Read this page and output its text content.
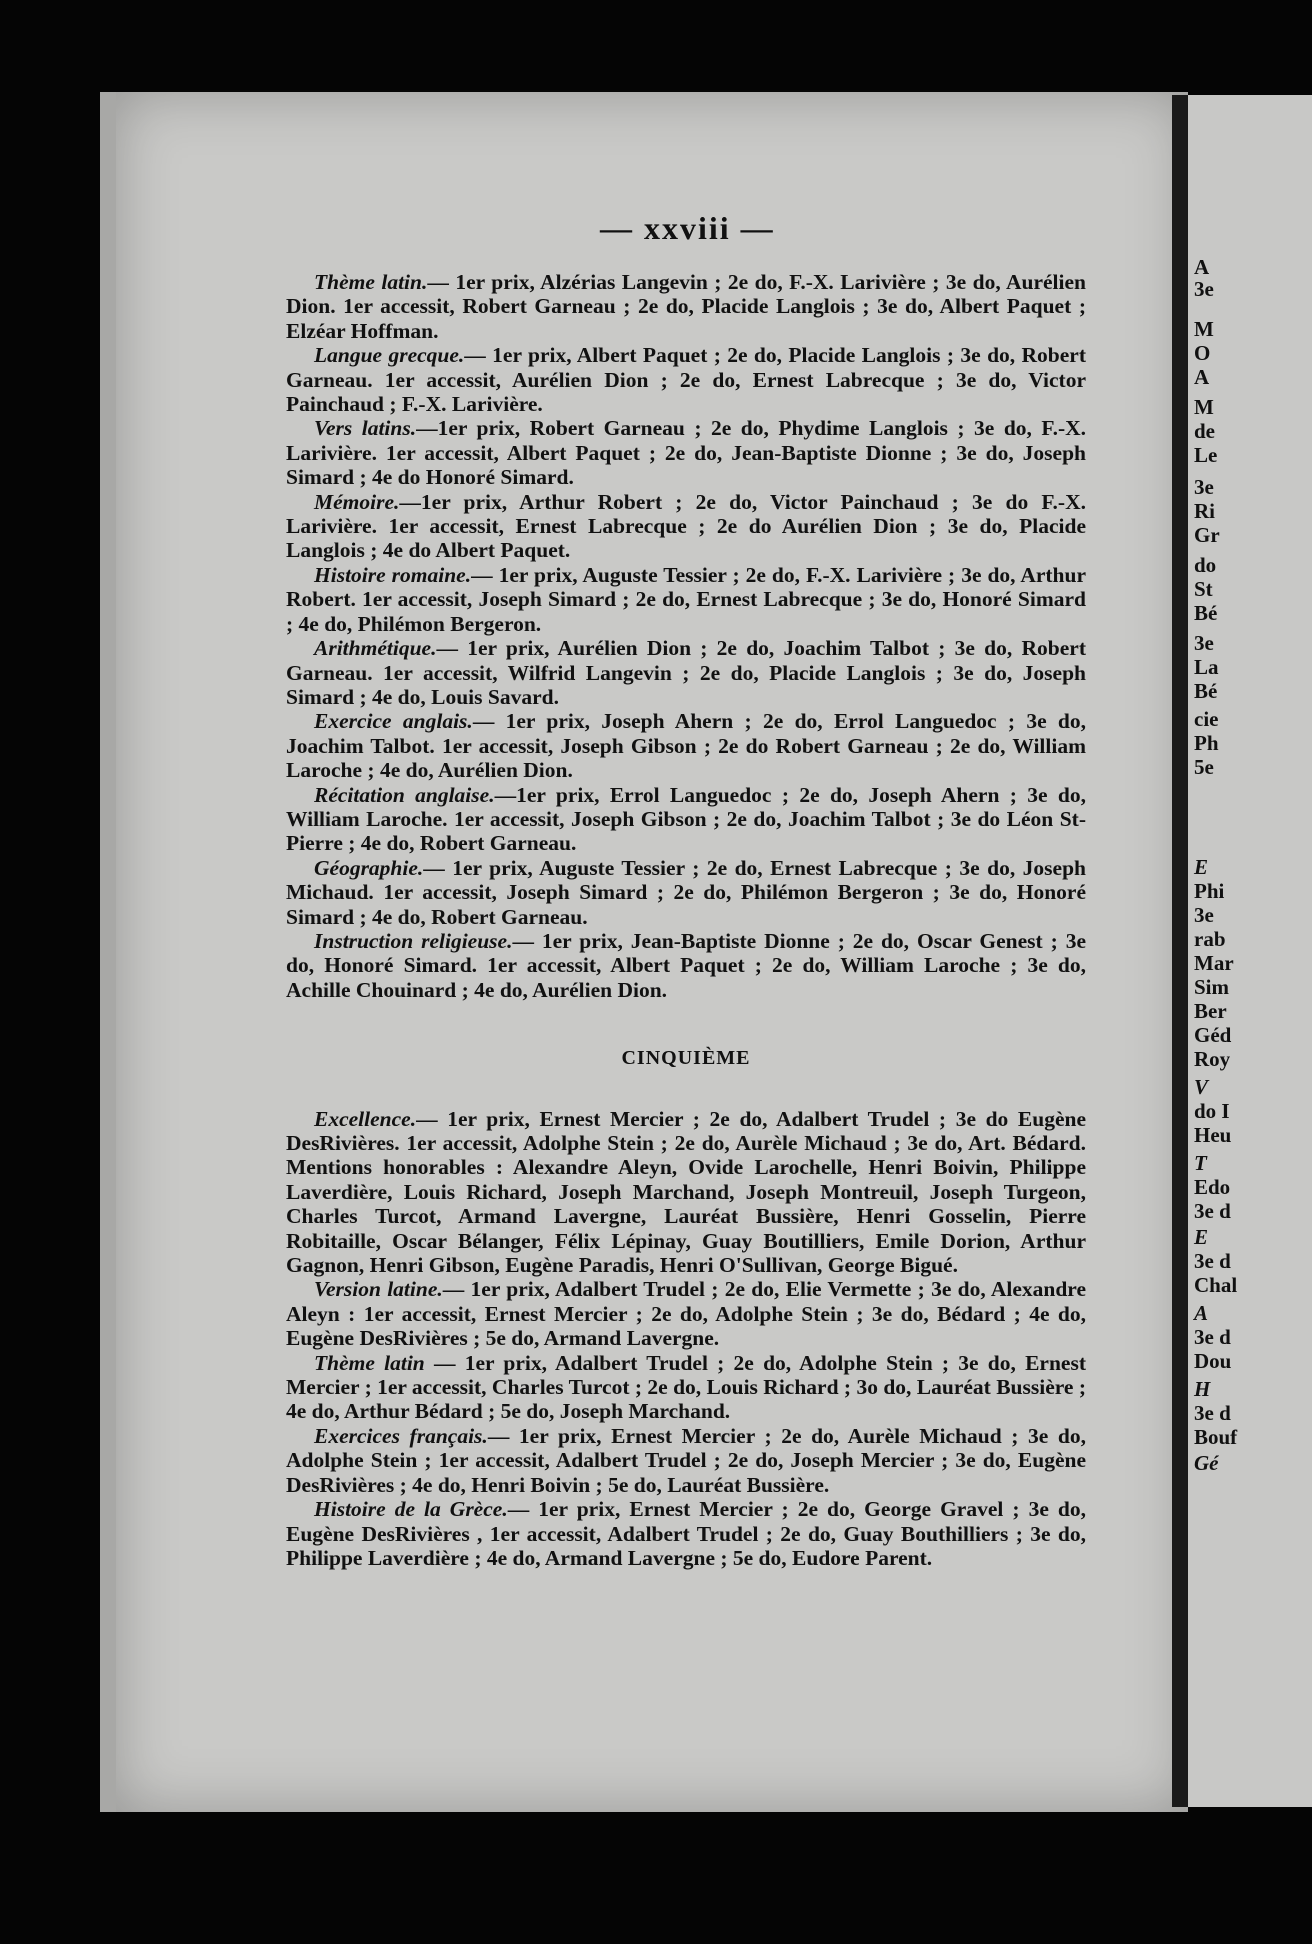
A
3e
M
O
A
M
de
Le
3e
Ri
Gr
do
St
Bé
3e
La
Bé
cie
Ph
5e
E
Phi
3e
rab
Mar
Sim
Ber
Géd
Roy
V
do I
Heu
T
Edo
3e d
E
3e d
Chal
A
3e d
Dou
H
3e d
Bouf
Gé
— xxviii —

Thème latin.— 1er prix, Alzérias Langevin ; 2e do, F.-X. Larivière ; 3e do, Aurélien Dion. 1er accessit, Robert Garneau ; 2e do, Placide Langlois ; 3e do, Albert Paquet ; Elzéar Hoffman.

Langue grecque.— 1er prix, Albert Paquet ; 2e do, Placide Langlois ; 3e do, Robert Garneau. 1er accessit, Aurélien Dion ; 2e do, Ernest Labrecque ; 3e do, Victor Painchaud ; F.-X. Larivière.

Vers latins.—1er prix, Robert Garneau ; 2e do, Phydime Langlois ; 3e do, F.-X. Larivière. 1er accessit, Albert Paquet ; 2e do, Jean-Baptiste Dionne ; 3e do, Joseph Simard ; 4e do Honoré Simard.

Mémoire.—1er prix, Arthur Robert ; 2e do, Victor Painchaud ; 3e do F.-X. Larivière. 1er accessit, Ernest Labrecque ; 2e do Aurélien Dion ; 3e do, Placide Langlois ; 4e do Albert Paquet.

Histoire romaine.— 1er prix, Auguste Tessier ; 2e do, F.-X. Larivière ; 3e do, Arthur Robert. 1er accessit, Joseph Simard ; 2e do, Ernest Labrecque ; 3e do, Honoré Simard ; 4e do, Philémon Bergeron.

Arithmétique.— 1er prix, Aurélien Dion ; 2e do, Joachim Talbot ; 3e do, Robert Garneau. 1er accessit, Wilfrid Langevin ; 2e do, Placide Langlois ; 3e do, Joseph Simard ; 4e do, Louis Savard.

Exercice anglais.— 1er prix, Joseph Ahern ; 2e do, Errol Languedoc ; 3e do, Joachim Talbot. 1er accessit, Joseph Gibson ; 2e do Robert Garneau ; 2e do, William Laroche ; 4e do, Aurélien Dion.

Récitation anglaise.—1er prix, Errol Languedoc ; 2e do, Joseph Ahern ; 3e do, William Laroche. 1er accessit, Joseph Gibson ; 2e do, Joachim Talbot ; 3e do Léon St-Pierre ; 4e do, Robert Garneau.

Géographie.— 1er prix, Auguste Tessier ; 2e do, Ernest Labrecque ; 3e do, Joseph Michaud. 1er accessit, Joseph Simard ; 2e do, Philémon Bergeron ; 3e do, Honoré Simard ; 4e do, Robert Garneau.

Instruction religieuse.— 1er prix, Jean-Baptiste Dionne ; 2e do, Oscar Genest ; 3e do, Honoré Simard. 1er accessit, Albert Paquet ; 2e do, William Laroche ; 3e do, Achille Chouinard ; 4e do, Aurélien Dion.

CINQUIÈME

Excellence.— 1er prix, Ernest Mercier ; 2e do, Adalbert Trudel ; 3e do Eugène DesRivières. 1er accessit, Adolphe Stein ; 2e do, Aurèle Michaud ; 3e do, Art. Bédard. Mentions honorables : Alexandre Aleyn, Ovide Larochelle, Henri Boivin, Philippe Laverdière, Louis Richard, Joseph Marchand, Joseph Montreuil, Joseph Turgeon, Charles Turcot, Armand Lavergne, Lauréat Bussière, Henri Gosselin, Pierre Robitaille, Oscar Bélanger, Félix Lépinay, Guay Boutilliers, Emile Dorion, Arthur Gagnon, Henri Gibson, Eugène Paradis, Henri O'Sullivan, George Bigué.

Version latine.— 1er prix, Adalbert Trudel ; 2e do, Elie Vermette ; 3e do, Alexandre Aleyn : 1er accessit, Ernest Mercier ; 2e do, Adolphe Stein ; 3e do, Bédard ; 4e do, Eugène DesRivières ; 5e do, Armand Lavergne.

Thème latin — 1er prix, Adalbert Trudel ; 2e do, Adolphe Stein ; 3e do, Ernest Mercier ; 1er accessit, Charles Turcot ; 2e do, Louis Richard ; 3o do, Lauréat Bussière ; 4e do, Arthur Bédard ; 5e do, Joseph Marchand.

Exercices français.— 1er prix, Ernest Mercier ; 2e do, Aurèle Michaud ; 3e do, Adolphe Stein ; 1er accessit, Adalbert Trudel ; 2e do, Joseph Mercier ; 3e do, Eugène DesRivières ; 4e do, Henri Boivin ; 5e do, Lauréat Bussière.

Histoire de la Grèce.— 1er prix, Ernest Mercier ; 2e do, George Gravel ; 3e do, Eugène DesRivières , 1er accessit, Adalbert Trudel ; 2e do, Guay Bouthilliers ; 3e do, Philippe Laverdière ; 4e do, Armand Lavergne ; 5e do, Eudore Parent.
